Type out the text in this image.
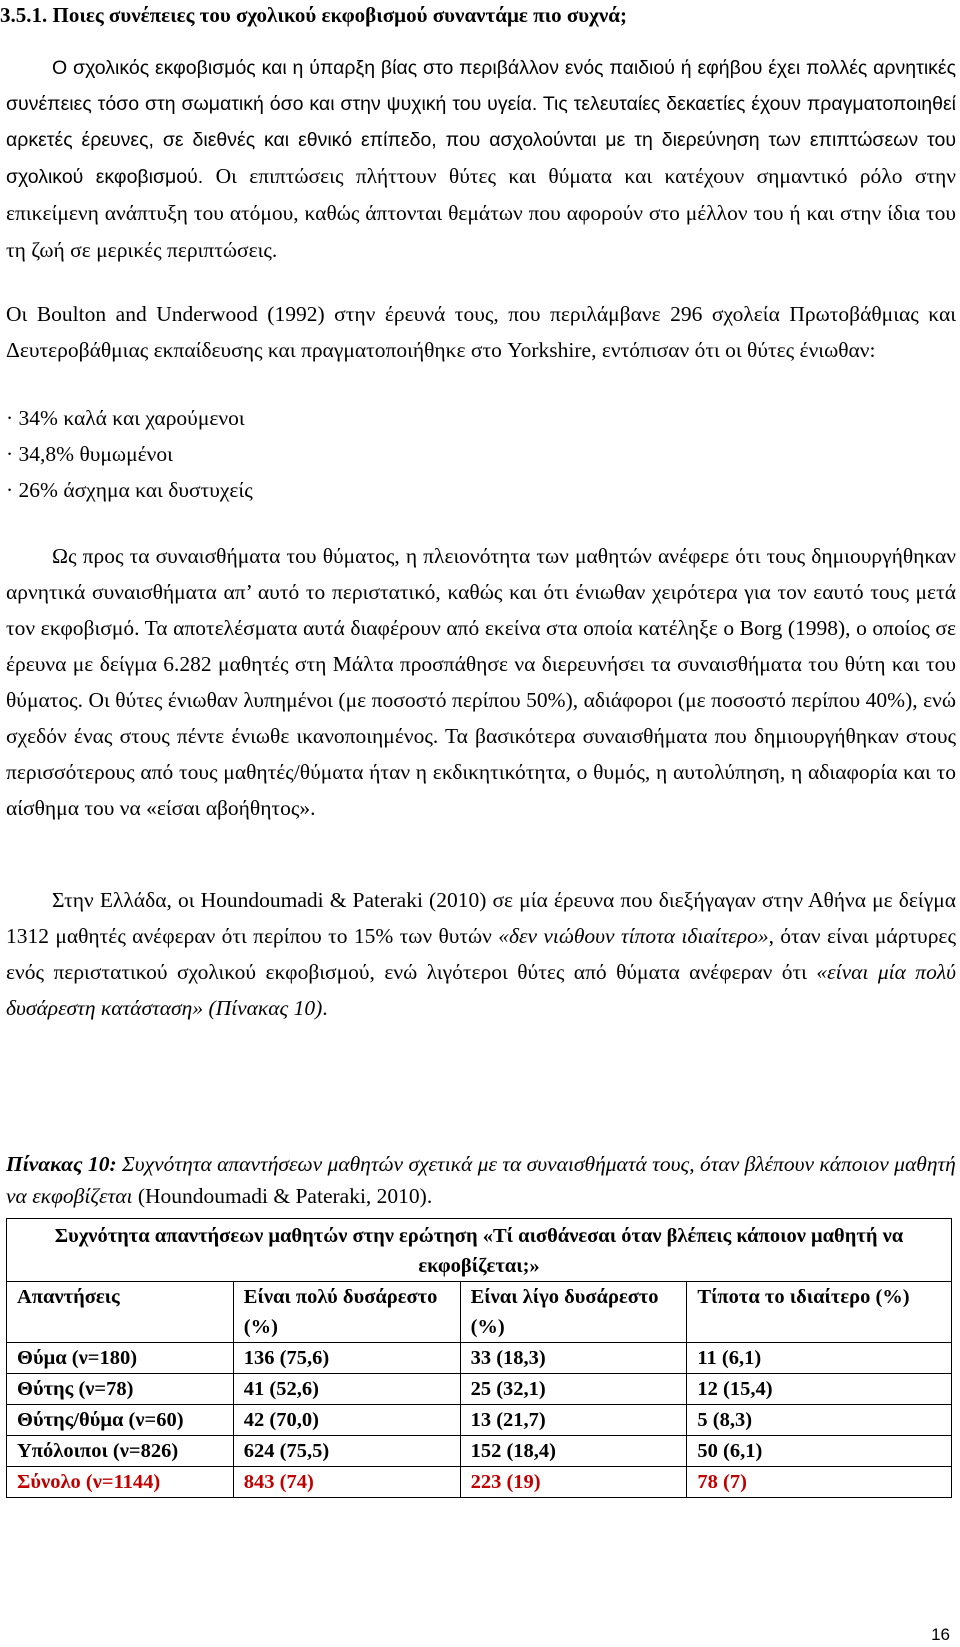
3.5.1. Ποιες συνέπειες του σχολικού εκφοβισμού συναντάμε πιο συχνά;
Ο σχολικός εκφοβισμός και η ύπαρξη βίας στο περιβάλλον ενός παιδιού ή εφήβου έχει πολλές αρνητικές συνέπειες τόσο στη σωματική όσο και στην ψυχική του υγεία. Τις τελευταίες δεκαετίες έχουν πραγματοποιηθεί αρκετές έρευνες, σε διεθνές και εθνικό επίπεδο, που ασχολούνται με τη διερεύνηση των επιπτώσεων του σχολικού εκφοβισμού. Οι επιπτώσεις πλήττουν θύτες και θύματα και κατέχουν σημαντικό ρόλο στην επικείμενη ανάπτυξη του ατόμου, καθώς άπτονται θεμάτων που αφορούν στο μέλλον του ή και στην ίδια του τη ζωή σε μερικές περιπτώσεις.
Οι Boulton and Underwood (1992) στην έρευνά τους, που περιλάμβανε 296 σχολεία Πρωτοβάθμιας και Δευτεροβάθμιας εκπαίδευσης και πραγματοποιήθηκε στο Yorkshire, εντόπισαν ότι οι θύτες ένιωθαν:
· 34% καλά και χαρούμενοι
· 34,8% θυμωμένοι
· 26% άσχημα και δυστυχείς
Ως προς τα συναισθήματα του θύματος, η πλειονότητα των μαθητών ανέφερε ότι τους δημιουργήθηκαν αρνητικά συναισθήματα απ’ αυτό το περιστατικό, καθώς και ότι ένιωθαν χειρότερα για τον εαυτό τους μετά τον εκφοβισμό. Τα αποτελέσματα αυτά διαφέρουν από εκείνα στα οποία κατέληξε ο Borg (1998), ο οποίος σε έρευνα με δείγμα 6.282 μαθητές στη Μάλτα προσπάθησε να διερευνήσει τα συναισθήματα του θύτη και του θύματος. Οι θύτες ένιωθαν λυπημένοι (με ποσοστό περίπου 50%), αδιάφοροι (με ποσοστό περίπου 40%), ενώ σχεδόν ένας στους πέντε ένιωθε ικανοποιημένος. Τα βασικότερα συναισθήματα που δημιουργήθηκαν στους περισσότερους από τους μαθητές/θύματα ήταν η εκδικητικότητα, ο θυμός, η αυτολύπηση, η αδιαφορία και το αίσθημα του να «είσαι αβοήθητος».
Στην Ελλάδα, οι Houndoumadi & Pateraki (2010) σε μία έρευνα που διεξήγαγαν στην Αθήνα με δείγμα 1312 μαθητές ανέφεραν ότι περίπου το 15% των θυτών «δεν νιώθουν τίποτα ιδιαίτερο», όταν είναι μάρτυρες ενός περιστατικού σχολικού εκφοβισμού, ενώ λιγότεροι θύτες από θύματα ανέφεραν ότι «είναι μία πολύ δυσάρεστη κατάσταση» (Πίνακας 10).
Πίνακας 10: Συχνότητα απαντήσεων μαθητών σχετικά με τα συναισθήματά τους, όταν βλέπουν κάποιον μαθητή να εκφοβίζεται (Houndoumadi & Pateraki, 2010).
Συχνότητα απαντήσεων μαθητών στην ερώτηση «Τί αισθάνεσαι όταν βλέπεις κάποιον μαθητή να εκφοβίζεται;»			
Απαντήσεις	Είναι πολύ δυσάρεστο (%)	Είναι λίγο δυσάρεστο (%)	Τίποτα το ιδιαίτερο (%)
Θύμα (ν=180)	136 (75,6)	33 (18,3)	11 (6,1)
Θύτης (ν=78)	41 (52,6)	25 (32,1)	12 (15,4)
Θύτης/θύμα (ν=60)	42 (70,0)	13 (21,7)	5 (8,3)
Υπόλοιποι (ν=826)	624 (75,5)	152 (18,4)	50 (6,1)
Σύνολο (ν=1144)	843 (74)	223 (19)	78 (7)
16
